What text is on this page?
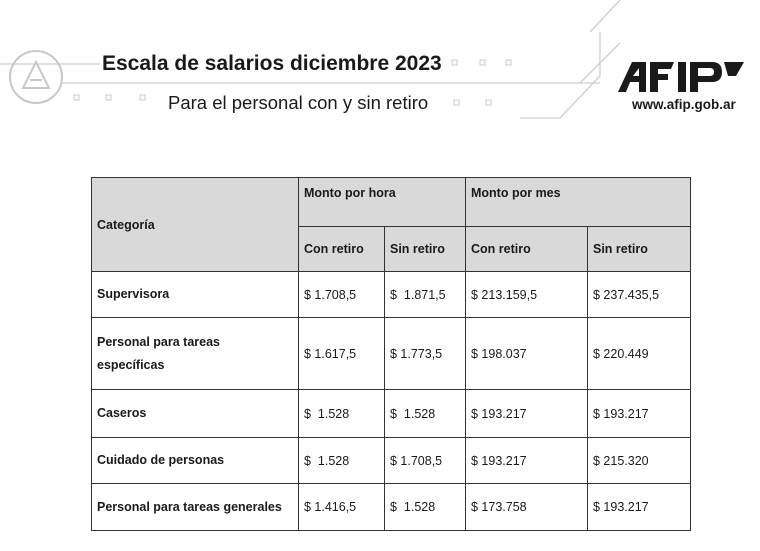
Escala de salarios diciembre 2023
Para el personal con y sin retiro	www.afip.gob.ar
Categoría	Monto por hora		Monto por mes	
	Con retiro	Sin retiro	Con retiro	Sin retiro
Supervisora	$ 1.708,5	$  1.871,5	$ 213.159,5	$ 237.435,5

Personal para tareas
específicas	$ 1.617,5	$ 1.773,5	$ 198.037	$ 220.449
Caseros	$  1.528	$  1.528	$ 193.217	$ 193.217
Cuidado de personas	$  1.528	$ 1.708,5	$ 193.217	$ 215.320
Personal para tareas generales	$ 1.416,5	$  1.528	$ 173.758	$ 193.217
